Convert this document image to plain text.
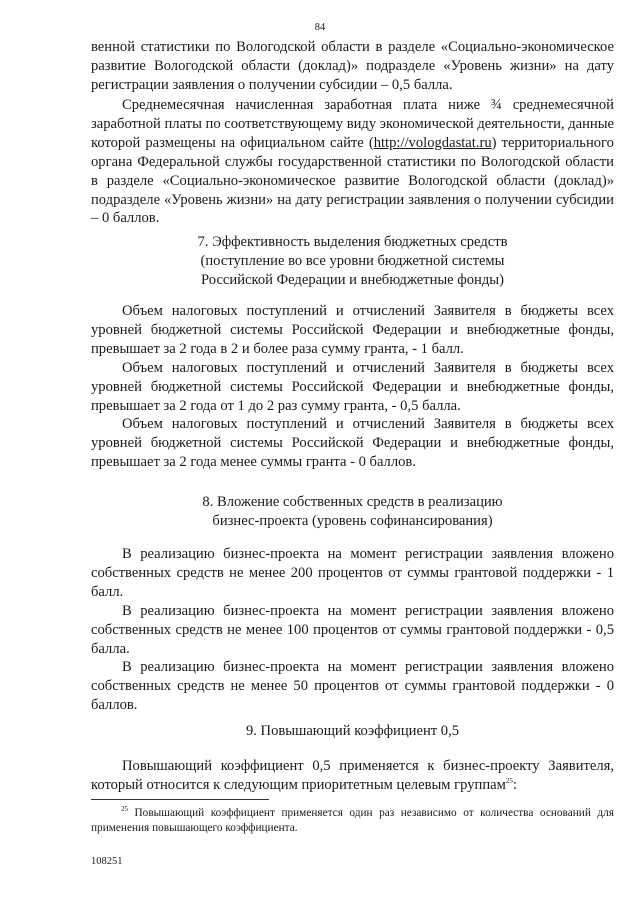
84

венной статистики по Вологодской области в разделе «Социально-экономическое развитие Вологодской области (доклад)» подразделе «Уровень жизни» на дату регистрации заявления о получении субсидии – 0,5 балла.

Среднемесячная начисленная заработная плата ниже ¾ среднемесячной заработной платы по соответствующему виду экономической деятельности, данные которой размещены на официальном сайте (http://vologdastat.ru) территориального органа Федеральной службы государственной статистики по Вологодской области в разделе «Социально-экономическое развитие Вологодской области (доклад)» подразделе «Уровень жизни» на дату регистрации заявления о получении субсидии – 0 баллов.

7. Эффективность выделения бюджетных средств
(поступление во все уровни бюджетной системы
Российской Федерации и внебюджетные фонды)

Объем налоговых поступлений и отчислений Заявителя в бюджеты всех уровней бюджетной системы Российской Федерации и внебюджетные фонды, превышает за 2 года в 2 и более раза сумму гранта, - 1 балл.

Объем налоговых поступлений и отчислений Заявителя в бюджеты всех уровней бюджетной системы Российской Федерации и внебюджетные фонды, превышает за 2 года от 1 до 2 раз сумму гранта, - 0,5 балла.

Объем налоговых поступлений и отчислений Заявителя в бюджеты всех уровней бюджетной системы Российской Федерации и внебюджетные фонды, превышает за 2 года менее суммы гранта - 0 баллов.

8. Вложение собственных средств в реализацию
бизнес-проекта (уровень софинансирования)

В реализацию бизнес-проекта на момент регистрации заявления вложено собственных средств не менее 200 процентов от суммы грантовой поддержки - 1 балл.

В реализацию бизнес-проекта на момент регистрации заявления вложено собственных средств не менее 100 процентов от суммы грантовой поддержки - 0,5 балла.

В реализацию бизнес-проекта на момент регистрации заявления вложено собственных средств не менее 50 процентов от суммы грантовой поддержки - 0 баллов.

9. Повышающий коэффициент 0,5

Повышающий коэффициент 0,5 применяется к бизнес-проекту Заявителя, который относится к следующим приоритетным целевым группам$^{25}$:

$^{25}$ Повышающий коэффициент применяется один раз независимо от количества оснований для применения повышающего коэффициента.
108251
